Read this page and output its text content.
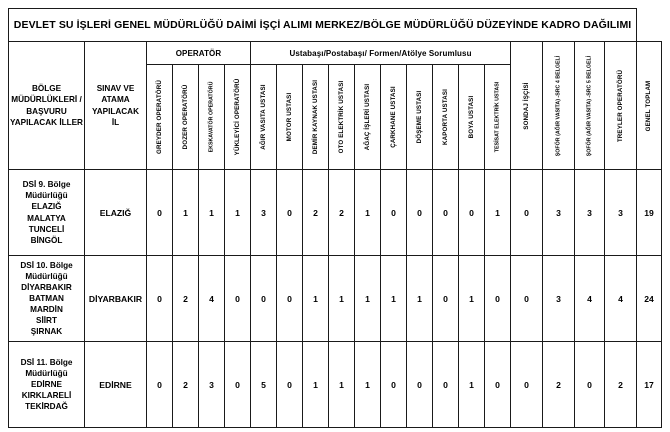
DEVLET SU İŞLERİ GENEL MÜDÜRLÜĞÜ DAİMİ İŞÇİ ALIMI MERKEZ/BÖLGE MÜDÜRLÜĞÜ DÜZEYİNDE KADRO DAĞILIMI																				

BÖLGE
MÜDÜRLÜKLERİ /
BAŞVURU
YAPILACAK İLLER	SINAV VE
ATAMA
YAPILACAK
İL	OPERATÖR				Ustabaşı/Postabaşı/ Formen/Atölye Sorumlusu										SONDAJ İŞÇİSİ	ŞOFÖR (AĞIR VASITA) -SRC 4 BELGELİ	ŞOFÖR (AĞIR VASITA) -SRC 5 BELGELİ	TREYLER OPERATÖRÜ	GENEL TOPLAM

		GREYDER OPERATÖRÜ	DOZER OPERATÖRÜ	EKSKAVATÖR OPERATÖRÜ	YÜKLEYİCİ OPERATÖRÜ	AĞIR VASITA USTASI	MOTOR USTASI	DEMİR KAYNAK USTASI	OTO ELEKTRİK USTASI	AĞAÇ İŞLERİ USTASI	ÇARKHANE USTASI	DÖŞEME USTASI	KAPORTA USTASI	BOYA USTASI	TESİSAT ELEKTRİK USTASI					

DSİ 9. Bölge
Müdürlüğü
ELAZIĞ
MALATYA
TUNCELİ
BİNGÖL
	ELAZIĞ	0	1	1	1	3	0	2	2	1	0	0	0	0	1	0	3	3	3	19

DSİ 10. Bölge
Müdürlüğü
DİYARBAKIR
BATMAN
MARDİN
SİİRT
ŞIRNAK
	DİYARBAKIR	0	2	4	0	0	0	1	1	1	1	1	0	1	0	0	3	4	4	24

DSİ 11. Bölge
Müdürlüğü
EDİRNE
KIRKLARELİ
TEKİRDAĞ	EDİRNE	0	2	3	0	5	0	1	1	1	0	0	0	1	0	0	2	0	2	17
